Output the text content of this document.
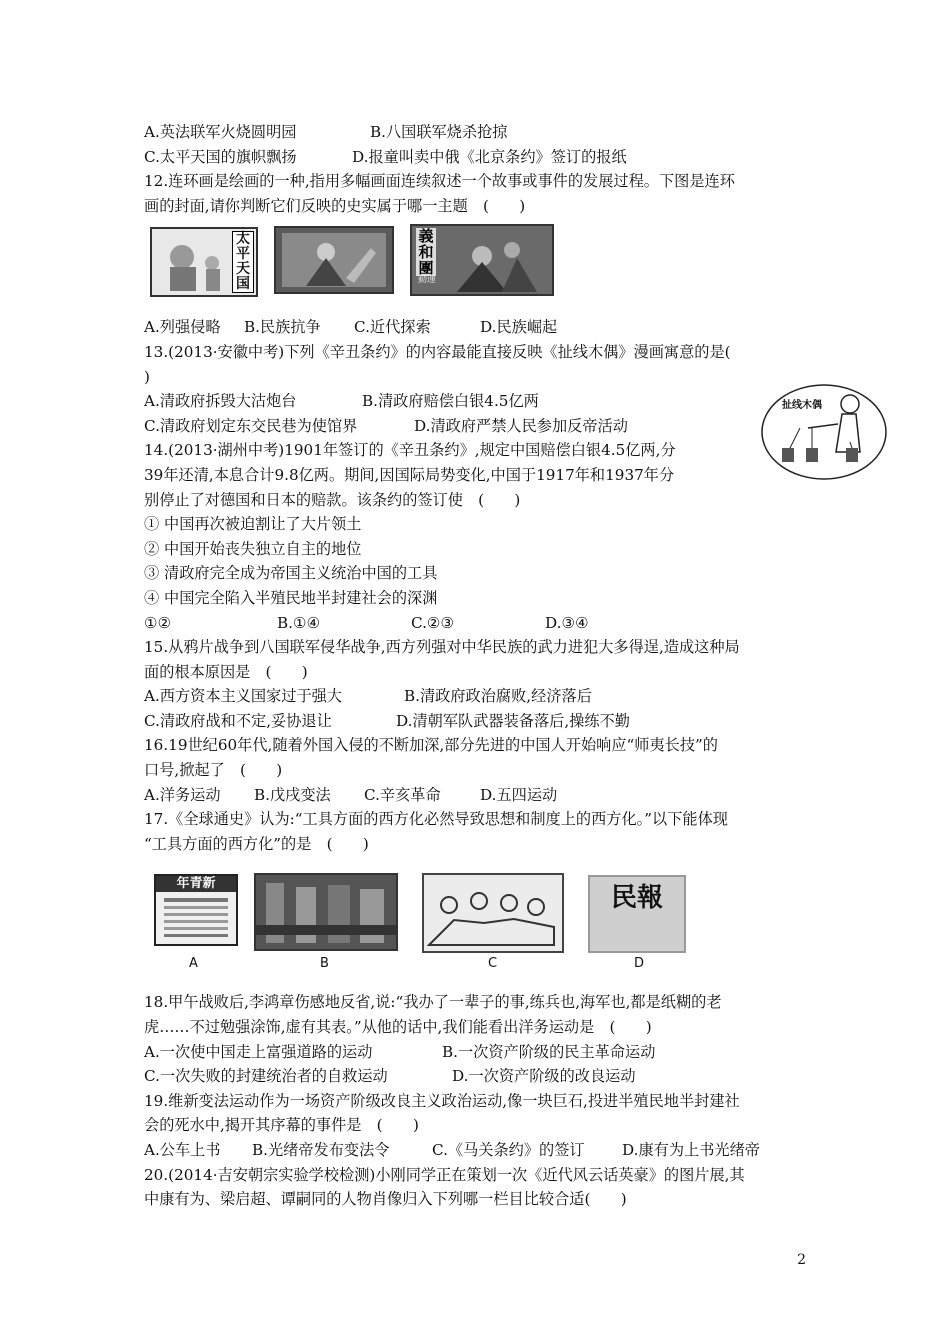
A.英法联军火烧圆明园	B.八国联军烧杀抢掠
C.太平天国的旗帜飘扬	D.报童叫卖中俄《北京条约》签订的报纸
12.连环画是绘画的一种,指用多幅画面连续叙述一个故事或事件的发展过程。下图是连环
画的封面,请你判断它们反映的史实属于哪一主题　(　　)
太平天国
義和團
動運
A.列强侵略 B.民族抗争 C.近代探索	D.民族崛起
13.(2013·安徽中考)下列《辛丑条约》的内容最能直接反映《扯线木偶》漫画寓意的是(
)
A.清政府拆毁大沽炮台	B.清政府赔偿白银4.5亿两
C.清政府划定东交民巷为使馆界	D.清政府严禁人民参加反帝活动
14.(2013·湖州中考)1901年签订的《辛丑条约》,规定中国赔偿白银4.5亿两,分
39年还清,本息合计9.8亿两。期间,因国际局势变化,中国于1917年和1937年分
别停止了对德国和日本的赔款。该条约的签订使　(　　)
① 中国再次被迫割让了大片领土
② 中国开始丧失独立自主的地位
③ 清政府完全成为帝国主义统治中国的工具
④ 中国完全陷入半殖民地半封建社会的深渊
①②	B.①④	C.②③	D.③④
15.从鸦片战争到八国联军侵华战争,西方列强对中华民族的武力进犯大多得逞,造成这种局
面的根本原因是　(　　)
A.西方资本主义国家过于强大	B.清政府政治腐败,经济落后
C.清政府战和不定,妥协退让	D.清朝军队武器装备落后,操练不勤
16.19世纪60年代,随着外国入侵的不断加深,部分先进的中国人开始响应“师夷长技”的
口号,掀起了　(　　)
A.洋务运动 B.戊戌变法 C.辛亥革命	D.五四运动
17.《全球通史》认为:“工具方面的西方化必然导致思想和制度上的西方化。”以下能体现
“工具方面的西方化”的是　(　　)
年青新	民報
A	B	C	D
18.甲午战败后,李鸿章伤感地反省,说:“我办了一辈子的事,练兵也,海军也,都是纸糊的老
虎……不过勉强涂饰,虚有其表。”从他的话中,我们能看出洋务运动是　(　　)
A.一次使中国走上富强道路的运动	B.一次资产阶级的民主革命运动
C.一次失败的封建统治者的自救运动	D.一次资产阶级的改良运动
19.维新变法运动作为一场资产阶级改良主义政治运动,像一块巨石,投进半殖民地半封建社
会的死水中,揭开其序幕的事件是　(　　)
A.公车上书 B.光绪帝发布变法令	C.《马关条约》的签订 D.康有为上书光绪帝
20.(2014·吉安朝宗实验学校检测)小刚同学正在策划一次《近代风云话英豪》的图片展,其
中康有为、梁启超、谭嗣同的人物肖像归入下列哪一栏目比较合适(　　)
扯线木偶
2
